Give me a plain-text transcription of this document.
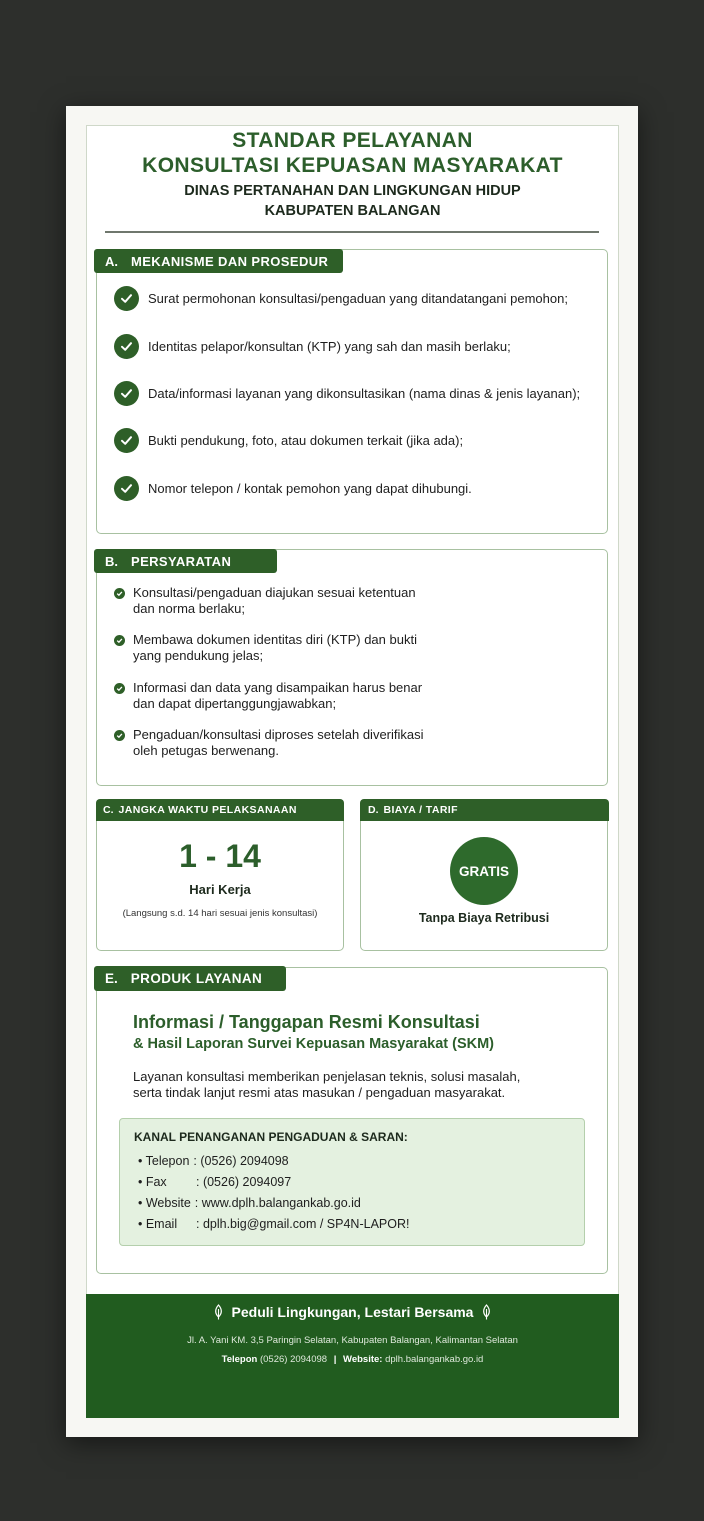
STANDAR PELAYANAN
KONSULTASI KEPUASAN MASYARAKAT
DINAS PERTANAHAN DAN LINGKUNGAN HIDUP
KABUPATEN BALANGAN
A. MEKANISME DAN PROSEDUR
Surat permohonan konsultasi/pengaduan yang ditandatangani pemohon;
Identitas pelapor/konsultan (KTP) yang sah dan masih berlaku;
Data/informasi layanan yang dikonsultasikan (nama dinas & jenis layanan);
Bukti pendukung, foto, atau dokumen terkait (jika ada);
Nomor telepon / kontak pemohon yang dapat dihubungi.
B. PERSYARATAN
Konsultasi/pengaduan diajukan sesuai ketentuan dan norma berlaku;
Membawa dokumen identitas diri (KTP) dan bukti yang pendukung jelas;
Informasi dan data yang disampaikan harus benar dan dapat dipertanggungjawabkan;
Pengaduan/konsultasi diproses setelah diverifikasi oleh petugas berwenang.
C. JANGKA WAKTU PELAKSANAAN
1 - 14
Hari Kerja
(Langsung s.d. 14 hari sesuai jenis konsultasi)
D. BIAYA / TARIF
GRATIS
Tanpa Biaya Retribusi
E. PRODUK LAYANAN
Informasi / Tanggapan Resmi Konsultasi
& Hasil Laporan Survei Kepuasan Masyarakat (SKM)
Layanan konsultasi memberikan penjelasan teknis, solusi masalah,
serta tindak lanjut resmi atas masukan / pengaduan masyarakat.
KANAL PENANGANAN PENGADUAN & SARAN:
• Telepon : (0526) 2094098
• Fax	: (0526) 2094097
• Website : www.dplh.balangankab.go.id
• Email	: dplh.big@gmail.com / SP4N-LAPOR!
Peduli Lingkungan, Lestari Bersama
Jl. A. Yani KM. 3,5 Paringin Selatan, Kabupaten Balangan, Kalimantan Selatan
Telepon (0526) 2094098 | Website: dplh.balangankab.go.id
